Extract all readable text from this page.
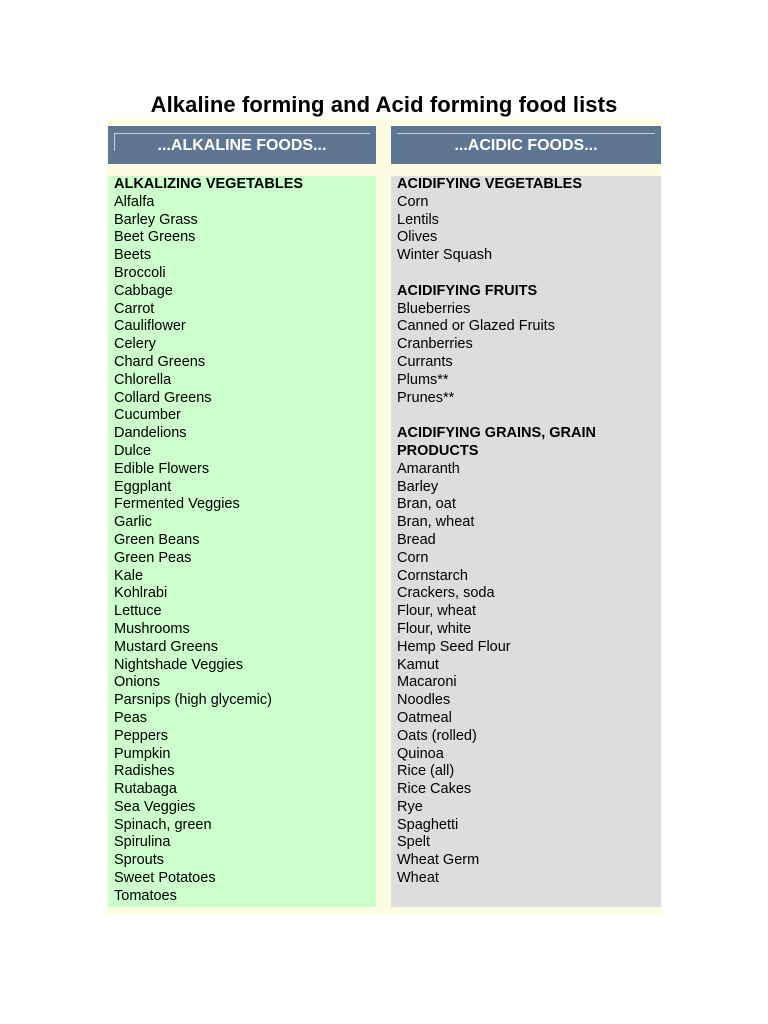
Alkaline forming and Acid forming food lists
...ALKALINE FOODS...	...ACIDIC FOODS...
ALKALIZING VEGETABLES
Alfalfa
Barley Grass
Beet Greens
Beets
Broccoli
Cabbage
Carrot
Cauliflower
Celery
Chard Greens
Chlorella
Collard Greens
Cucumber
Dandelions
Dulce
Edible Flowers
Eggplant
Fermented Veggies
Garlic
Green Beans
Green Peas
Kale
Kohlrabi
Lettuce
Mushrooms
Mustard Greens
Nightshade Veggies
Onions
Parsnips (high glycemic)
Peas
Peppers
Pumpkin
Radishes
Rutabaga
Sea Veggies
Spinach, green
Spirulina
Sprouts
Sweet Potatoes
Tomatoes
ACIDIFYING VEGETABLES
Corn
Lentils
Olives
Winter Squash
ACIDIFYING FRUITS
Blueberries
Canned or Glazed Fruits
Cranberries
Currants
Plums**
Prunes**
ACIDIFYING GRAINS, GRAIN
PRODUCTS
Amaranth
Barley
Bran, oat
Bran, wheat
Bread
Corn
Cornstarch
Crackers, soda
Flour, wheat
Flour, white
Hemp Seed Flour
Kamut
Macaroni
Noodles
Oatmeal
Oats (rolled)
Quinoa
Rice (all)
Rice Cakes
Rye
Spaghetti
Spelt
Wheat Germ
Wheat
